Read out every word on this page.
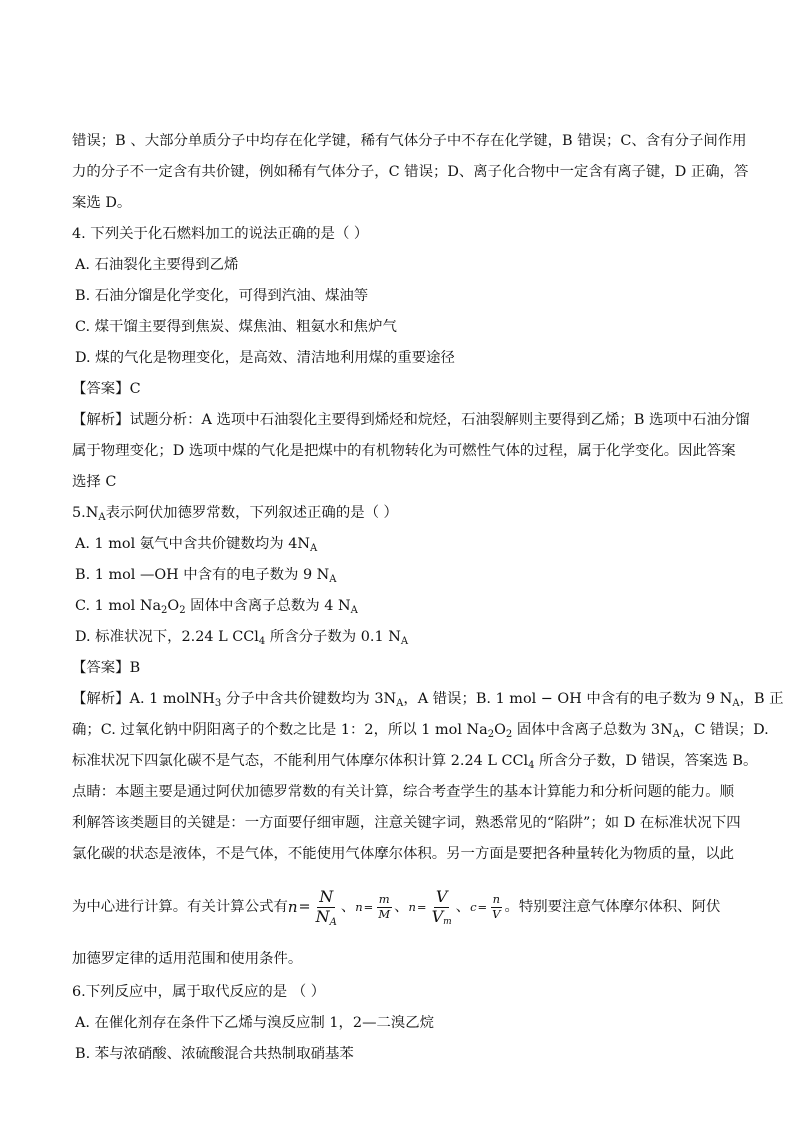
错误；B 、大部分单质分子中均存在化学键，稀有气体分子中不存在化学键，B 错误；C、含有分子间作用
力的分子不一定含有共价键，例如稀有气体分子，C 错误；D、离子化合物中一定含有离子键，D 正确，答
案选 D。
4. 下列关于化石燃料加工的说法正确的是（ ）
A. 石油裂化主要得到乙烯
B. 石油分馏是化学变化，可得到汽油、煤油等
C. 煤干馏主要得到焦炭、煤焦油、粗氨水和焦炉气
D. 煤的气化是物理变化，是高效、清洁地利用煤的重要途径
【答案】C
【解析】试题分析：A 选项中石油裂化主要得到烯烃和烷烃，石油裂解则主要得到乙烯；B 选项中石油分馏
属于物理变化；D 选项中煤的气化是把煤中的有机物转化为可燃性气体的过程，属于化学变化。因此答案
选择 C
$5.N_A$表示阿伏加德罗常数，下列叙述正确的是（ ）
A. 1 mol 氨气中含共价键数均为 $4N_A$
B. 1 mol —OH 中含有的电子数为 9 $N_A$
C. 1 mol $Na_2O_2$ 固体中含离子总数为 4 $N_A$
D. 标准状况下，2.24 L CCl$_4$ 所含分子数为 0.1 $N_A$
【答案】B
【解析】A. 1 molNH$_3$ 分子中含共价键数均为 $3N_A$，A 错误；B. 1 mol − OH 中含有的电子数为 9 $N_A$，B 正
确；C. 过氧化钠中阴阳离子的个数之比是 1：2，所以 1 mol $Na_2O_2$ 固体中含离子总数为 $3N_A$，C 错误；D.
标准状况下四氯化碳不是气态，不能利用气体摩尔体积计算 2.24 L CCl$_4$ 所含分子数，D 错误，答案选 B。
点睛：本题主要是通过阿伏加德罗常数的有关计算，综合考查学生的基本计算能力和分析问题的能力。顺
利解答该类题目的关键是：一方面要仔细审题，注意关键字词，熟悉常见的“陷阱”；如 D 在标准状况下四
氯化碳的状态是液体，不是气体，不能使用气体摩尔体积。另一方面是要把各种量转化为物质的量，以此
为中心进行计算。有关计算公式有 $n = \frac{N}{N_A}$ 、 $n = \frac{m}{M}$ 、 $n = \frac{V}{V_m}$ 、 $c = \frac{n}{V}$ 。特别要注意气体摩尔体积、阿伏
加德罗定律的适用范围和使用条件。
6.下列反应中，属于取代反应的是 （ ）
A. 在催化剂存在条件下乙烯与溴反应制 1，2—二溴乙烷
B. 苯与浓硝酸、浓硫酸混合共热制取硝基苯
